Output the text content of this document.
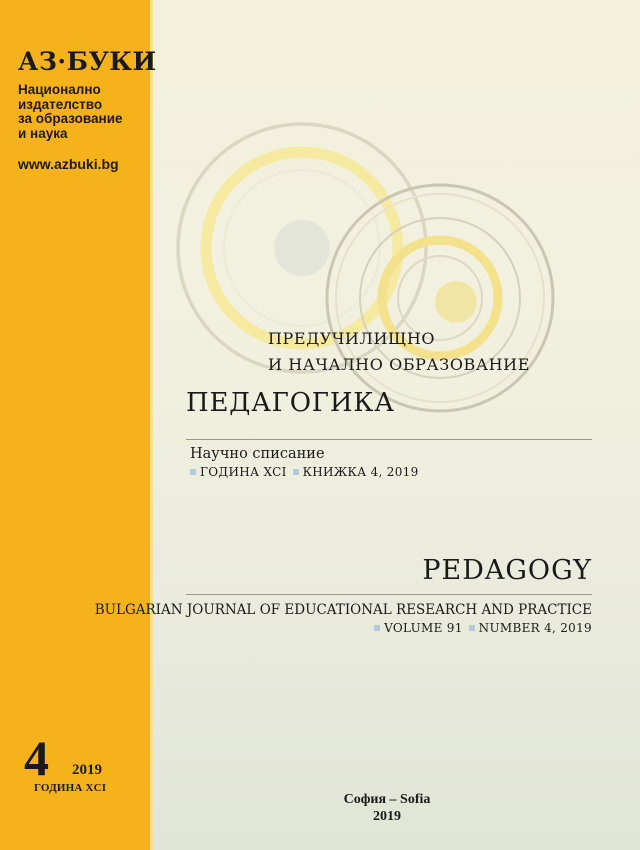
АЗ·БУКИ
Национално
издателство
за образование
и наука
www.azbuki.bg
4 2019
ГОДИНА XCI
ПРЕДУЧИЛИЩНО
И НАЧАЛНО ОБРАЗОВАНИЕ
ПЕДАГОГИКА
Научно списание
ГОДИНА XCI КНИЖКА 4, 2019
PEDAGOGY
BULGARIAN JOURNAL OF EDUCATIONAL RESEARCH AND PRACTICE
VOLUME 91 NUMBER 4, 2019
София – Sofia
2019
